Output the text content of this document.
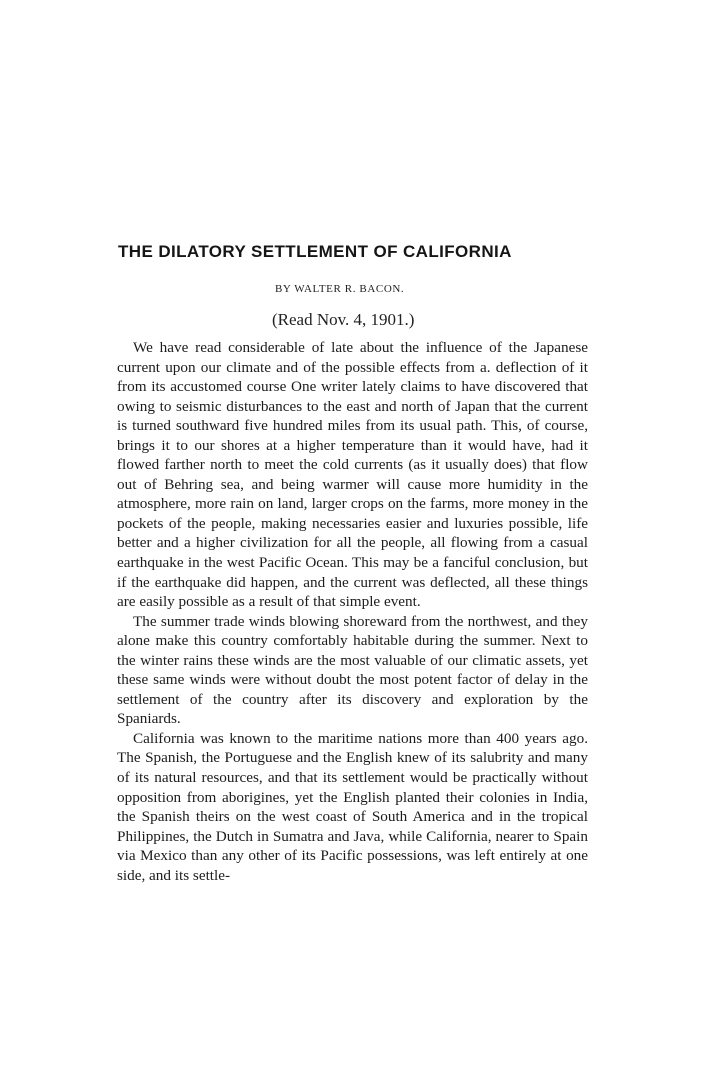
THE DILATORY SETTLEMENT OF CALIFORNIA

BY WALTER R. BACON.

(Read Nov. 4, 1901.)

We have read considerable of late about the influence of the Japanese current upon our climate and of the possible effects from a. deflection of it from its accustomed course One writer lately claims to have discovered that owing to seismic disturbances to the east and north of Japan that the current is turned southward five hundred miles from its usual path. This, of course, brings it to our shores at a higher temperature than it would have, had it flowed farther north to meet the cold currents (as it usually does) that flow out of Behring sea, and being warmer will cause more humidity in the atmosphere, more rain on land, larger crops on the farms, more money in the pockets of the people, making necessaries easier and luxuries possible, life better and a higher civilization for all the people, all flowing from a casual earthquake in the west Pacific Ocean. This may be a fanciful conclusion, but if the earthquake did happen, and the current was deflected, all these things are easily possible as a result of that simple event.

The summer trade winds blowing shoreward from the northwest, and they alone make this country comfortably habitable during the summer. Next to the winter rains these winds are the most valuable of our climatic assets, yet these same winds were without doubt the most potent factor of delay in the settlement of the country after its discovery and exploration by the Spaniards.

California was known to the maritime nations more than 400 years ago. The Spanish, the Portuguese and the English knew of its salubrity and many of its natural resources, and that its settlement would be practically without opposition from aborigines, yet the English planted their colonies in India, the Spanish theirs on the west coast of South America and in the tropical Philippines, the Dutch in Sumatra and Java, while California, nearer to Spain via Mexico than any other of its Pacific possessions, was left entirely at one side, and its settle-
